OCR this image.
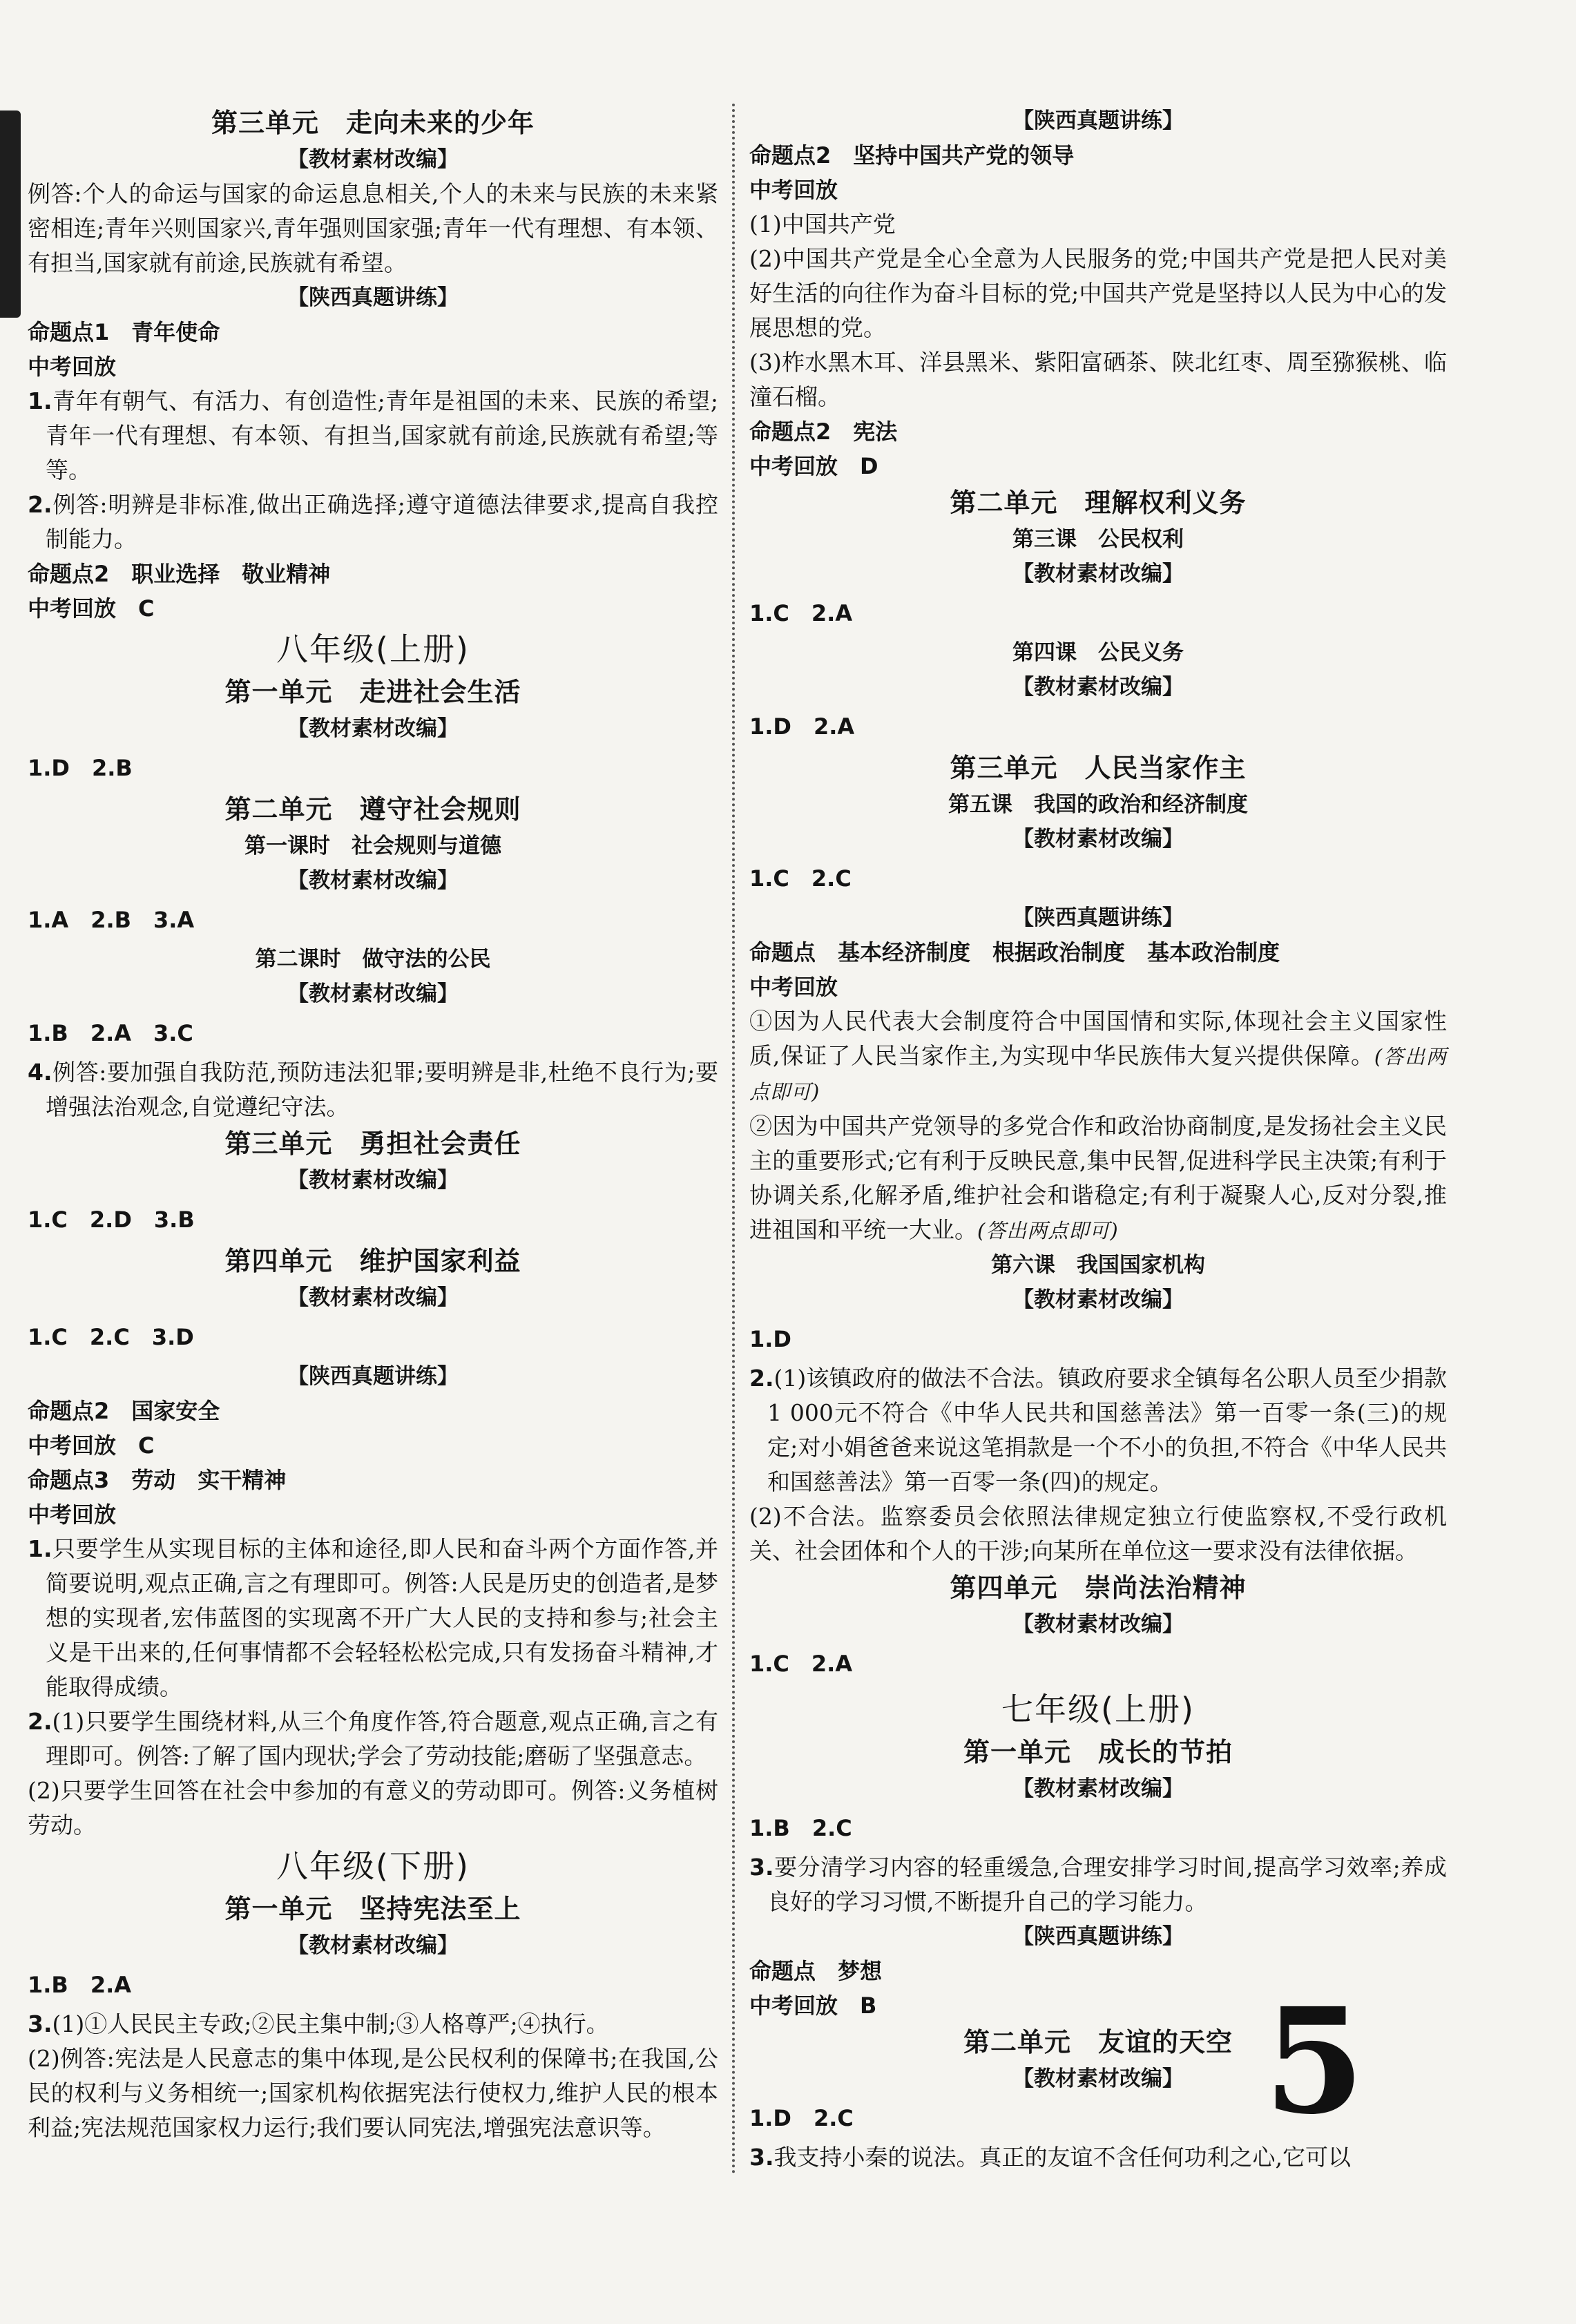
第三单元　走向未来的少年
【教材素材改编】
例答:个人的命运与国家的命运息息相关,个人的未来与民族的未来紧密相连;青年兴则国家兴,青年强则国家强;青年一代有理想、有本领、有担当,国家就有前途,民族就有希望。
【陕西真题讲练】
命题点1　青年使命
中考回放
1.青年有朝气、有活力、有创造性;青年是祖国的未来、民族的希望;青年一代有理想、有本领、有担当,国家就有前途,民族就有希望;等等。
2.例答:明辨是非标准,做出正确选择;遵守道德法律要求,提高自我控制能力。
命题点2　职业选择　敬业精神
中考回放　C
八年级(上册)
第一单元　走进社会生活
【教材素材改编】
1.D　2.B
第二单元　遵守社会规则
第一课时　社会规则与道德
【教材素材改编】
1.A　2.B　3.A
第二课时　做守法的公民
【教材素材改编】
1.B　2.A　3.C
4.例答:要加强自我防范,预防违法犯罪;要明辨是非,杜绝不良行为;要增强法治观念,自觉遵纪守法。
第三单元　勇担社会责任
【教材素材改编】
1.C　2.D　3.B
第四单元　维护国家利益
【教材素材改编】
1.C　2.C　3.D
【陕西真题讲练】
命题点2　国家安全
中考回放　C
命题点3　劳动　实干精神
中考回放
1.只要学生从实现目标的主体和途径,即人民和奋斗两个方面作答,并简要说明,观点正确,言之有理即可。例答:人民是历史的创造者,是梦想的实现者,宏伟蓝图的实现离不开广大人民的支持和参与;社会主义是干出来的,任何事情都不会轻轻松松完成,只有发扬奋斗精神,才能取得成绩。
2.(1)只要学生围绕材料,从三个角度作答,符合题意,观点正确,言之有理即可。例答:了解了国内现状;学会了劳动技能;磨砺了坚强意志。
(2)只要学生回答在社会中参加的有意义的劳动即可。例答:义务植树劳动。
八年级(下册)
第一单元　坚持宪法至上
【教材素材改编】
1.B　2.A
3.(1)①人民民主专政;②民主集中制;③人格尊严;④执行。
(2)例答:宪法是人民意志的集中体现,是公民权利的保障书;在我国,公民的权利与义务相统一;国家机构依据宪法行使权力,维护人民的根本利益;宪法规范国家权力运行;我们要认同宪法,增强宪法意识等。
【陕西真题讲练】
命题点2　坚持中国共产党的领导
中考回放
(1)中国共产党
(2)中国共产党是全心全意为人民服务的党;中国共产党是把人民对美好生活的向往作为奋斗目标的党;中国共产党是坚持以人民为中心的发展思想的党。
(3)柞水黑木耳、洋县黑米、紫阳富硒茶、陕北红枣、周至猕猴桃、临潼石榴。
命题点2　宪法
中考回放　D
第二单元　理解权利义务
第三课　公民权利
【教材素材改编】
1.C　2.A
第四课　公民义务
【教材素材改编】
1.D　2.A
第三单元　人民当家作主
第五课　我国的政治和经济制度
【教材素材改编】
1.C　2.C
【陕西真题讲练】
命题点　基本经济制度　根据政治制度　基本政治制度
中考回放
①因为人民代表大会制度符合中国国情和实际,体现社会主义国家性质,保证了人民当家作主,为实现中华民族伟大复兴提供保障。(答出两点即可)
②因为中国共产党领导的多党合作和政治协商制度,是发扬社会主义民主的重要形式;它有利于反映民意,集中民智,促进科学民主决策;有利于协调关系,化解矛盾,维护社会和谐稳定;有利于凝聚人心,反对分裂,推进祖国和平统一大业。(答出两点即可)
第六课　我国国家机构
【教材素材改编】
1.D
2.(1)该镇政府的做法不合法。镇政府要求全镇每名公职人员至少捐款1 000元不符合《中华人民共和国慈善法》第一百零一条(三)的规定;对小娟爸爸来说这笔捐款是一个不小的负担,不符合《中华人民共和国慈善法》第一百零一条(四)的规定。
(2)不合法。监察委员会依照法律规定独立行使监察权,不受行政机关、社会团体和个人的干涉;向某所在单位这一要求没有法律依据。
第四单元　崇尚法治精神
【教材素材改编】
1.C　2.A
七年级(上册)
第一单元　成长的节拍
【教材素材改编】
1.B　2.C
3.要分清学习内容的轻重缓急,合理安排学习时间,提高学习效率;养成良好的学习习惯,不断提升自己的学习能力。
【陕西真题讲练】
命题点　梦想
中考回放　B
第二单元　友谊的天空
【教材素材改编】
1.D　2.C
3.我支持小秦的说法。真正的友谊不含任何功利之心,它可以
5
